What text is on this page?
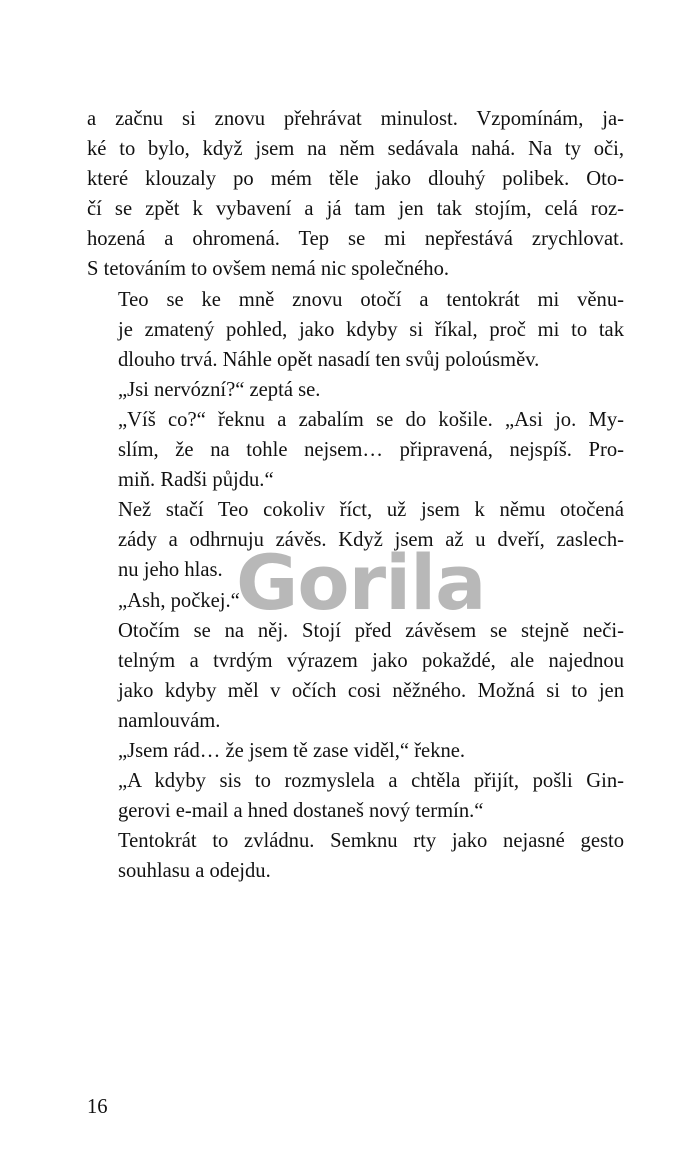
a začnu si znovu přehrávat minulost. Vzpomínám, ja-
ké to bylo, když jsem na něm sedávala nahá. Na ty oči,
které klouzaly po mém těle jako dlouhý polibek. Oto-
čí se zpět k vybavení a já tam jen tak stojím, celá roz-
hozená a ohromená. Tep se mi nepřestává zrychlovat.
S tetováním to ovšem nemá nic společného.

Teo se ke mně znovu otočí a tentokrát mi věnu-
je zmatený pohled, jako kdyby si říkal, proč mi to tak
dlouho trvá. Náhle opět nasadí ten svůj poloúsměv.

„Jsi nervózní?“ zeptá se.

„Víš co?“ řeknu a zabalím se do košile. „Asi jo. My-
slím, že na tohle nejsem… připravená, nejspíš. Pro-
miň. Radši půjdu.“

Než stačí Teo cokoliv říct, už jsem k němu otočená
zády a odhrnuju závěs. Když jsem až u dveří, zaslech-
nu jeho hlas.

„Ash, počkej.“

Otočím se na něj. Stojí před závěsem se stejně neči-
telným a tvrdým výrazem jako pokaždé, ale najednou
jako kdyby měl v očích cosi něžného. Možná si to jen
namlouvám.

„Jsem rád… že jsem tě zase viděl,“ řekne.

„A kdyby sis to rozmyslela a chtěla přijít, pošli Gin-
gerovi e-mail a hned dostaneš nový termín.“

Tentokrát to zvládnu. Semknu rty jako nejasné gesto
souhlasu a odejdu.

Gorila
16
